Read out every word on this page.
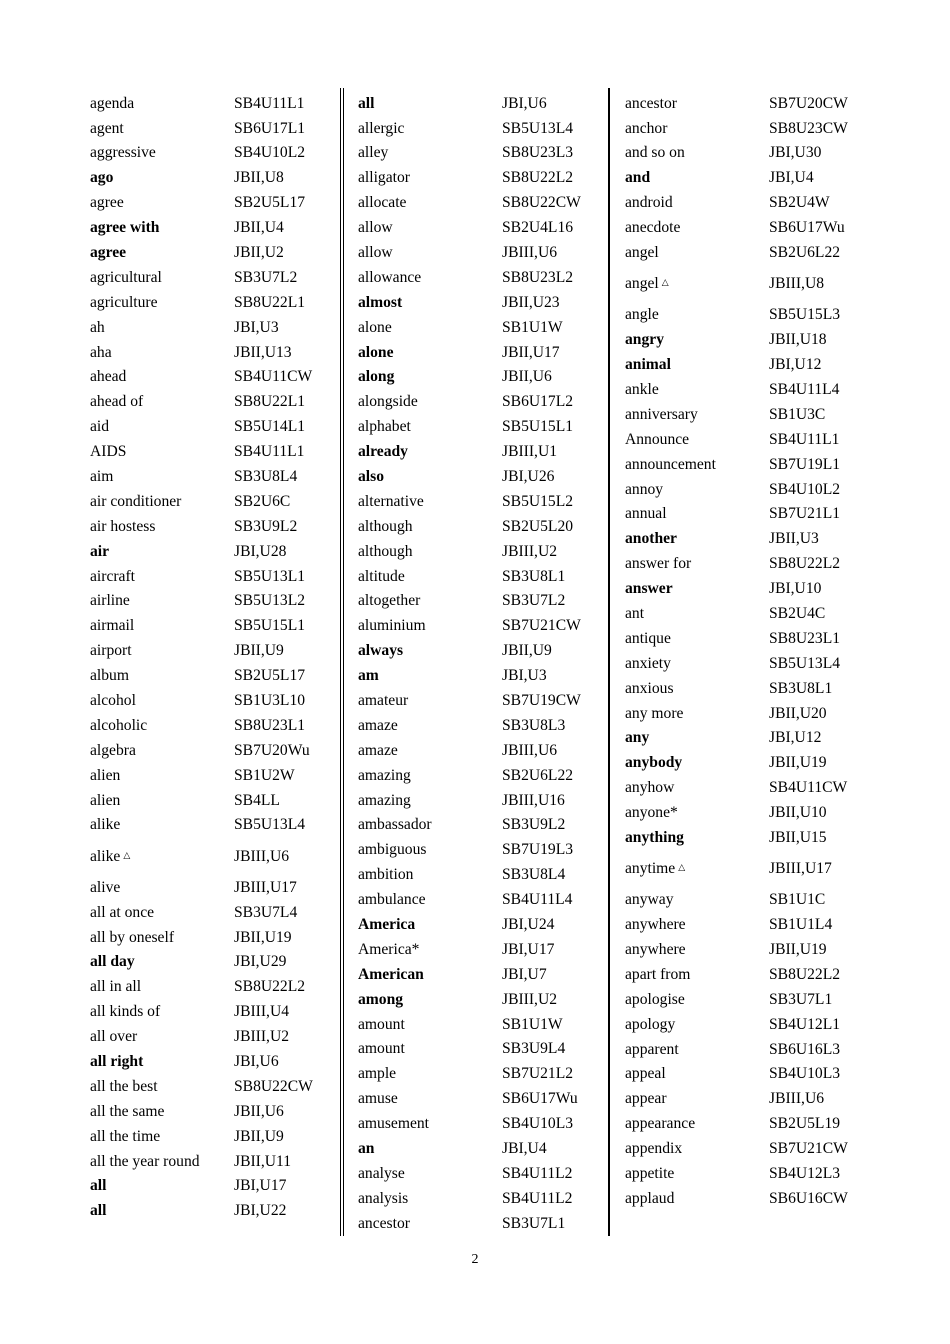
agenda	SB4U11L1
agent	SB6U17L1
aggressive	SB4U10L2
ago	JBII,U8
agree	SB2U5L17
agree with	JBII,U4
agree	JBII,U2
agricultural	SB3U7L2
agriculture	SB8U22L1
ah	JBI,U3
aha	JBII,U13
ahead	SB4U11CW
ahead of	SB8U22L1
aid	SB5U14L1
AIDS	SB4U11L1
aim	SB3U8L4
air conditioner	SB2U6C
air hostess	SB3U9L2
air	JBI,U28
aircraft	SB5U13L1
airline	SB5U13L2
airmail	SB5U15L1
airport	JBII,U9
album	SB2U5L17
alcohol	SB1U3L10
alcoholic	SB8U23L1
algebra	SB7U20Wu
alien	SB1U2W
alien	SB4LL
alike	SB5U13L4
alike △	JBIII,U6
alive	JBIII,U17
all at once	SB3U7L4
all by oneself	JBII,U19
all day	JBI,U29
all in all	SB8U22L2
all kinds of	JBIII,U4
all over	JBIII,U2
all right	JBI,U6
all the best	SB8U22CW
all the same	JBII,U6
all the time	JBII,U9
all the year round	JBII,U11
all	JBI,U17
all	JBI,U22
all	JBI,U6
allergic	SB5U13L4
alley	SB8U23L3
alligator	SB8U22L2
allocate	SB8U22CW
allow	SB2U4L16
allow	JBIII,U6
allowance	SB8U23L2
almost	JBII,U23
alone	SB1U1W
alone	JBII,U17
along	JBII,U6
alongside	SB6U17L2
alphabet	SB5U15L1
already	JBIII,U1
also	JBI,U26
alternative	SB5U15L2
although	SB2U5L20
although	JBIII,U2
altitude	SB3U8L1
altogether	SB3U7L2
aluminium	SB7U21CW
always	JBII,U9
am	JBI,U3
amateur	SB7U19CW
amaze	SB3U8L3
amaze	JBIII,U6
amazing	SB2U6L22
amazing	JBIII,U16
ambassador	SB3U9L2
ambiguous	SB7U19L3
ambition	SB3U8L4
ambulance	SB4U11L4
America	JBI,U24
America*	JBI,U17
American	JBI,U7
among	JBIII,U2
amount	SB1U1W
amount	SB3U9L4
ample	SB7U21L2
amuse	SB6U17Wu
amusement	SB4U10L3
an	JBI,U4
analyse	SB4U11L2
analysis	SB4U11L2
ancestor	SB3U7L1
ancestor	SB7U20CW
anchor	SB8U23CW
and so on	JBI,U30
and	JBI,U4
android	SB2U4W
anecdote	SB6U17Wu
angel	SB2U6L22
angel △	JBIII,U8
angle	SB5U15L3
angry	JBII,U18
animal	JBI,U12
ankle	SB4U11L4
anniversary	SB1U3C
Announce	SB4U11L1
announcement	SB7U19L1
annoy	SB4U10L2
annual	SB7U21L1
another	JBII,U3
answer for	SB8U22L2
answer	JBI,U10
ant	SB2U4C
antique	SB8U23L1
anxiety	SB5U13L4
anxious	SB3U8L1
any more	JBII,U20
any	JBI,U12
anybody	JBII,U19
anyhow	SB4U11CW
anyone*	JBII,U10
anything	JBII,U15
anytime △	JBIII,U17
anyway	SB1U1C
anywhere	SB1U1L4
anywhere	JBII,U19
apart from	SB8U22L2
apologise	SB3U7L1
apology	SB4U12L1
apparent	SB6U16L3
appeal	SB4U10L3
appear	JBIII,U6
appearance	SB2U5L19
appendix	SB7U21CW
appetite	SB4U12L3
applaud	SB6U16CW
2
